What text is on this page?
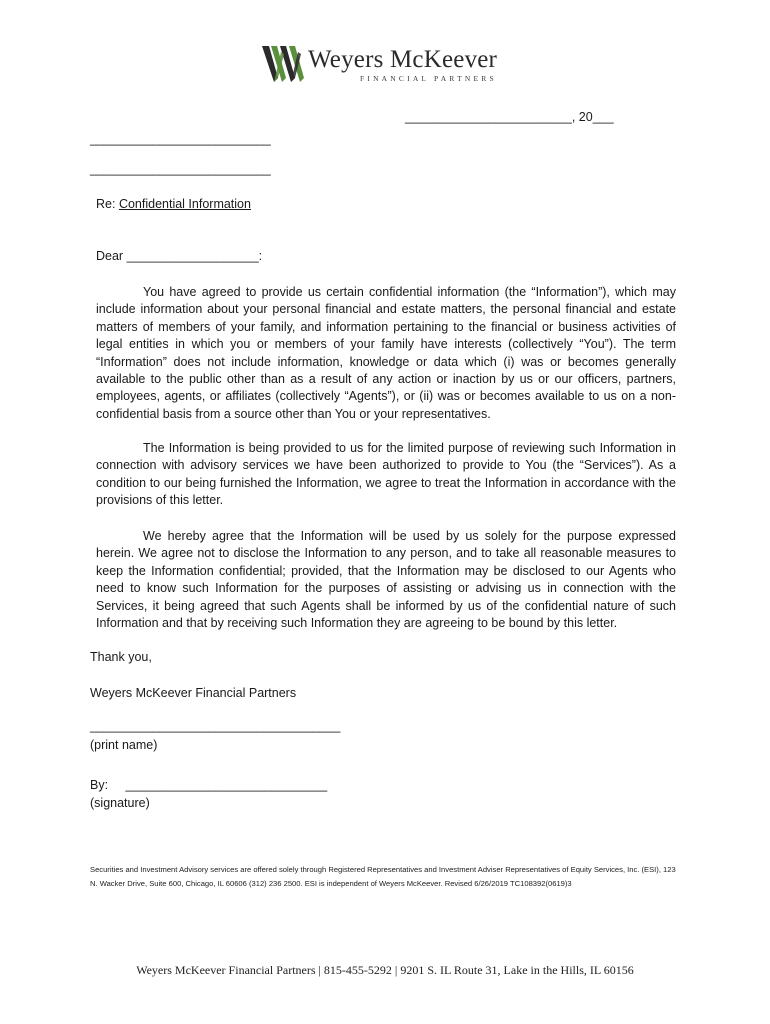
Weyers McKeever
FINANCIAL PARTNERS
________________________, 20___
__________________________
__________________________
Re: Confidential Information
Dear ___________________:

You have agreed to provide us certain confidential information (the “Information”), which may include information about your personal financial and estate matters, the personal financial and estate matters of members of your family, and information pertaining to the financial or business activities of legal entities in which you or members of your family have interests (collectively “You”). The term “Information” does not include information, knowledge or data which (i) was or becomes generally available to the public other than as a result of any action or inaction by us or our officers, partners, employees, agents, or affiliates (collectively “Agents”), or (ii) was or becomes available to us on a non-confidential basis from a source other than You or your representatives.

The Information is being provided to us for the limited purpose of reviewing such Information in connection with advisory services we have been authorized to provide to You (the “Services”). As a condition to our being furnished the Information, we agree to treat the Information in accordance with the provisions of this letter.

We hereby agree that the Information will be used by us solely for the purpose expressed herein. We agree not to disclose the Information to any person, and to take all reasonable measures to keep the Information confidential; provided, that the Information may be disclosed to our Agents who need to know such Information for the purposes of assisting or advising us in connection with the Services, it being agreed that such Agents shall be informed by us of the confidential nature of such Information and that by receiving such Information they are agreeing to be bound by this letter.

Thank you,
Weyers McKeever Financial Partners
____________________________________
(print name)
By: _____________________________
(signature)
Securities and Investment Advisory services are offered solely through Registered Representatives and Investment Adviser Representatives of Equity Services, Inc. (ESI), 123 N. Wacker Drive, Suite 600, Chicago, IL 60606 (312) 236 2500. ESI is independent of Weyers McKeever. Revised 6/26/2019 TC108392(0619)3
Weyers McKeever Financial Partners | 815-455-5292 | 9201 S. IL Route 31, Lake in the Hills, IL 60156
